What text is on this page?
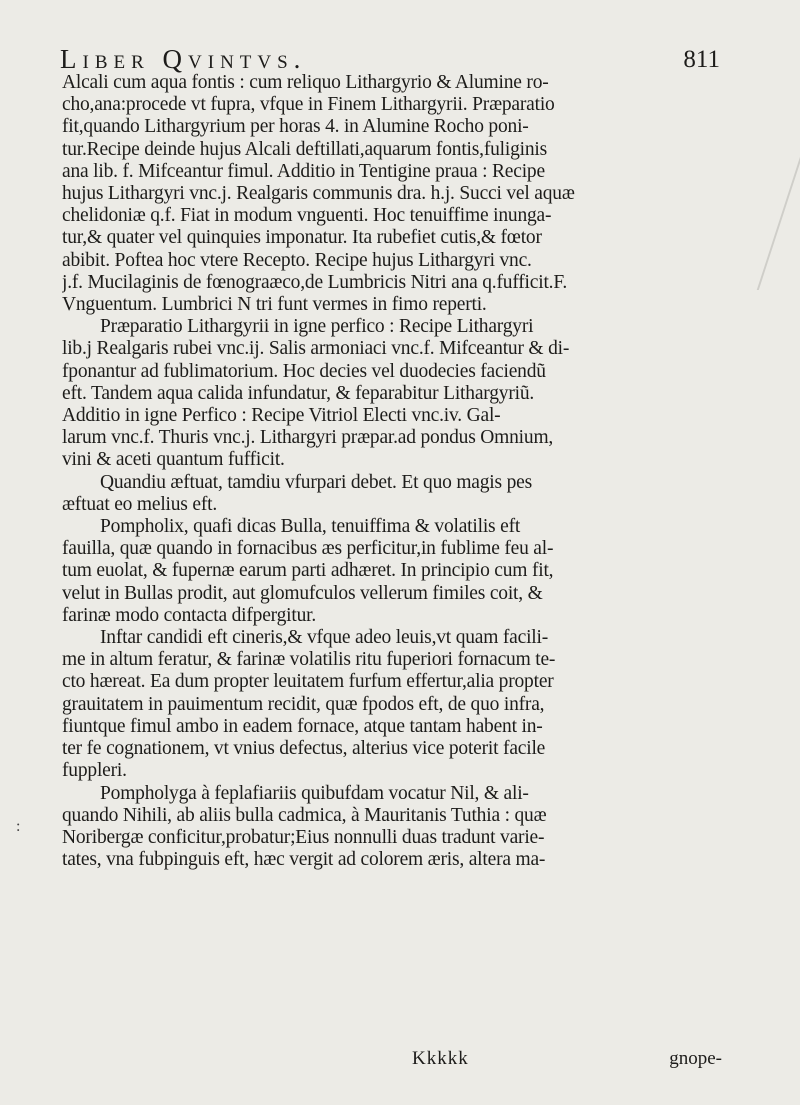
Liber Qvintvs.	811
:

Alcali cum aqua fontis : cum reliquo Lithargyrio & Alumine ro-
cho,ana:procede vt fupra, vfque in Finem Lithargyrii. Præparatio
fit,quando Lithargyrium per horas 4. in Alumine Rocho poni-
tur.Recipe deinde hujus Alcali deftillati,aquarum fontis,fuliginis
ana lib. f. Mifceantur fimul. Additio in Tentigine praua : Recipe
hujus Lithargyri vnc.j. Realgaris communis dra. h.j. Succi vel aquæ
chelidoniæ q.f. Fiat in modum vnguenti. Hoc tenuiffime inunga-
tur,& quater vel quinquies imponatur. Ita rubefiet cutis,& fœtor
abibit. Poftea hoc vtere Recepto. Recipe hujus Lithargyri vnc.
j.f. Mucilaginis de fœnograæco,de Lumbricis Nitri ana q.fufficit.F.
Vnguentum. Lumbrici N tri funt vermes in fimo reperti.

Præparatio Lithargyrii in igne perfico : Recipe Lithargyri
lib.j Realgaris rubei vnc.ij. Salis armoniaci vnc.f. Mifceantur & di-
fponantur ad fublimatorium. Hoc decies vel duodecies faciendũ
eft. Tandem aqua calida infundatur, & feparabitur Lithargyriũ.
Additio in igne Perfico : Recipe Vitriol Electi vnc.iv. Gal-
larum vnc.f. Thuris vnc.j. Lithargyri præpar.ad pondus Omnium,
vini & aceti quantum fufficit.

Quandiu æftuat, tamdiu vfurpari debet. Et quo magis pes
æftuat eo melius eft.

Pompholix, quafi dicas Bulla, tenuiffima & volatilis eft
fauilla, quæ quando in fornacibus æs perficitur,in fublime feu al-
tum euolat, & fupernæ earum parti adhæret. In principio cum fit,
velut in Bullas prodit, aut glomufculos vellerum fimiles coit, &
farinæ modo contacta difpergitur.

Inftar candidi eft cineris,& vfque adeo leuis,vt quam facili-
me in altum feratur, & farinæ volatilis ritu fuperiori fornacum te-
cto hæreat. Ea dum propter leuitatem furfum effertur,alia propter
grauitatem in pauimentum recidit, quæ fpodos eft, de quo infra,
fiuntque fimul ambo in eadem fornace, atque tantam habent in-
ter fe cognationem, vt vnius defectus, alterius vice poterit facile
fuppleri.

Pompholyga à feplafiariis quibufdam vocatur Nil, & ali-
quando Nihili, ab aliis bulla cadmica, à Mauritanis Tuthia : quæ
Noribergæ conficitur,probatur;Eius nonnulli duas tradunt varie-
tates, vna fubpinguis eft, hæc vergit ad colorem æris, altera ma-

Kkkkk	gnope-
